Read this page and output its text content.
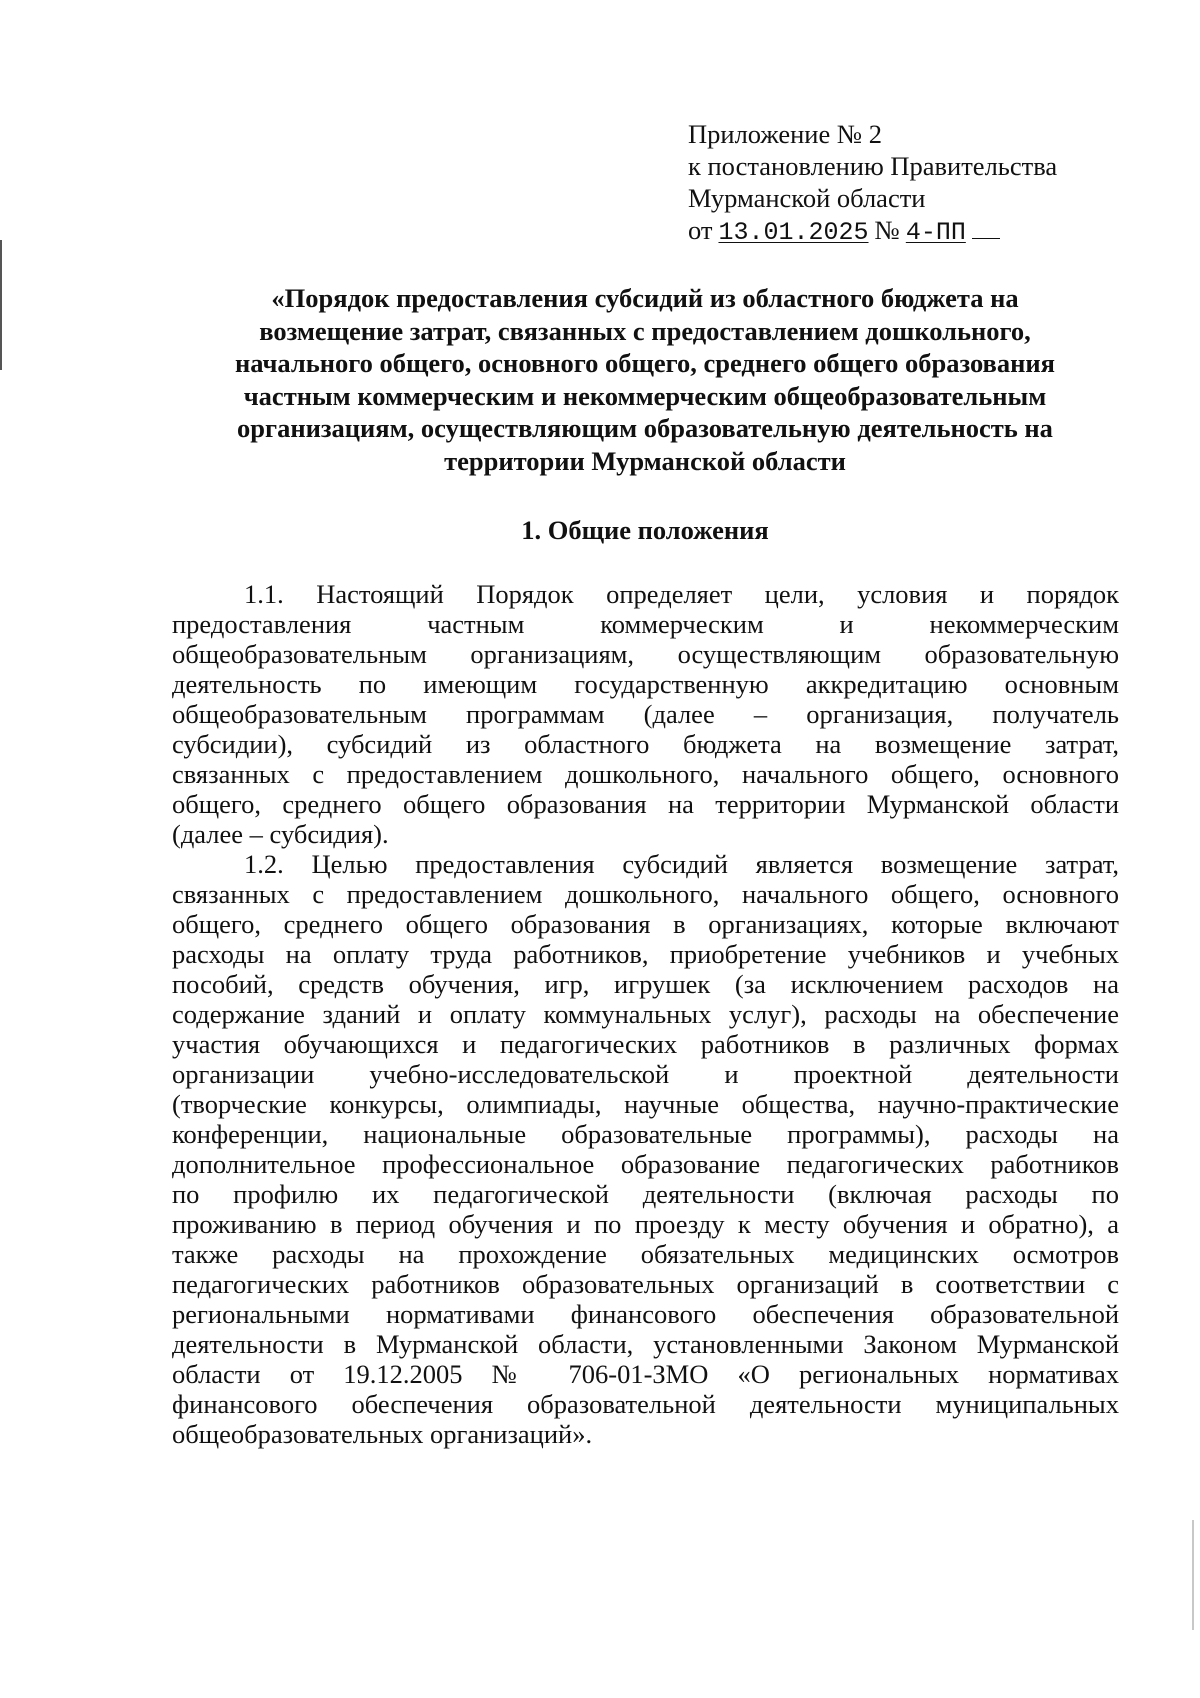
Приложение № 2
к постановлению Правительства
Мурманской области
от 13.01.2025 № 4-ПП
«Порядок предоставления субсидий из областного бюджета на
возмещение затрат, связанных с предоставлением дошкольного,
начального общего, основного общего, среднего общего образования
частным коммерческим и некоммерческим общеобразовательным
организациям, осуществляющим образовательную деятельность на
территории Мурманской области
1. Общие положения
1.1. Настоящий Порядок определяет цели, условия и порядок
предоставления частным коммерческим и некоммерческим
общеобразовательным организациям, осуществляющим образовательную
деятельность по имеющим государственную аккредитацию основным
общеобразовательным программам (далее – организация, получатель
субсидии), субсидий из областного бюджета на возмещение затрат,
связанных с предоставлением дошкольного, начального общего, основного
общего, среднего общего образования на территории Мурманской области
(далее – субсидия).
1.2. Целью предоставления субсидий является возмещение затрат,
связанных с предоставлением дошкольного, начального общего, основного
общего, среднего общего образования в организациях, которые включают
расходы на оплату труда работников, приобретение учебников и учебных
пособий, средств обучения, игр, игрушек (за исключением расходов на
содержание зданий и оплату коммунальных услуг), расходы на обеспечение
участия обучающихся и педагогических работников в различных формах
организации учебно-исследовательской и проектной деятельности
(творческие конкурсы, олимпиады, научные общества, научно-практические
конференции, национальные образовательные программы), расходы на
дополнительное профессиональное образование педагогических работников
по профилю их педагогической деятельности (включая расходы по
проживанию в период обучения и по проезду к месту обучения и обратно), а
также расходы на прохождение обязательных медицинских осмотров
педагогических работников образовательных организаций в соответствии с
региональными нормативами финансового обеспечения образовательной
деятельности в Мурманской области, установленными Законом Мурманской
области от 19.12.2005 № 706-01-ЗМО «О региональных нормативах
финансового обеспечения образовательной деятельности муниципальных
общеобразовательных организаций».
